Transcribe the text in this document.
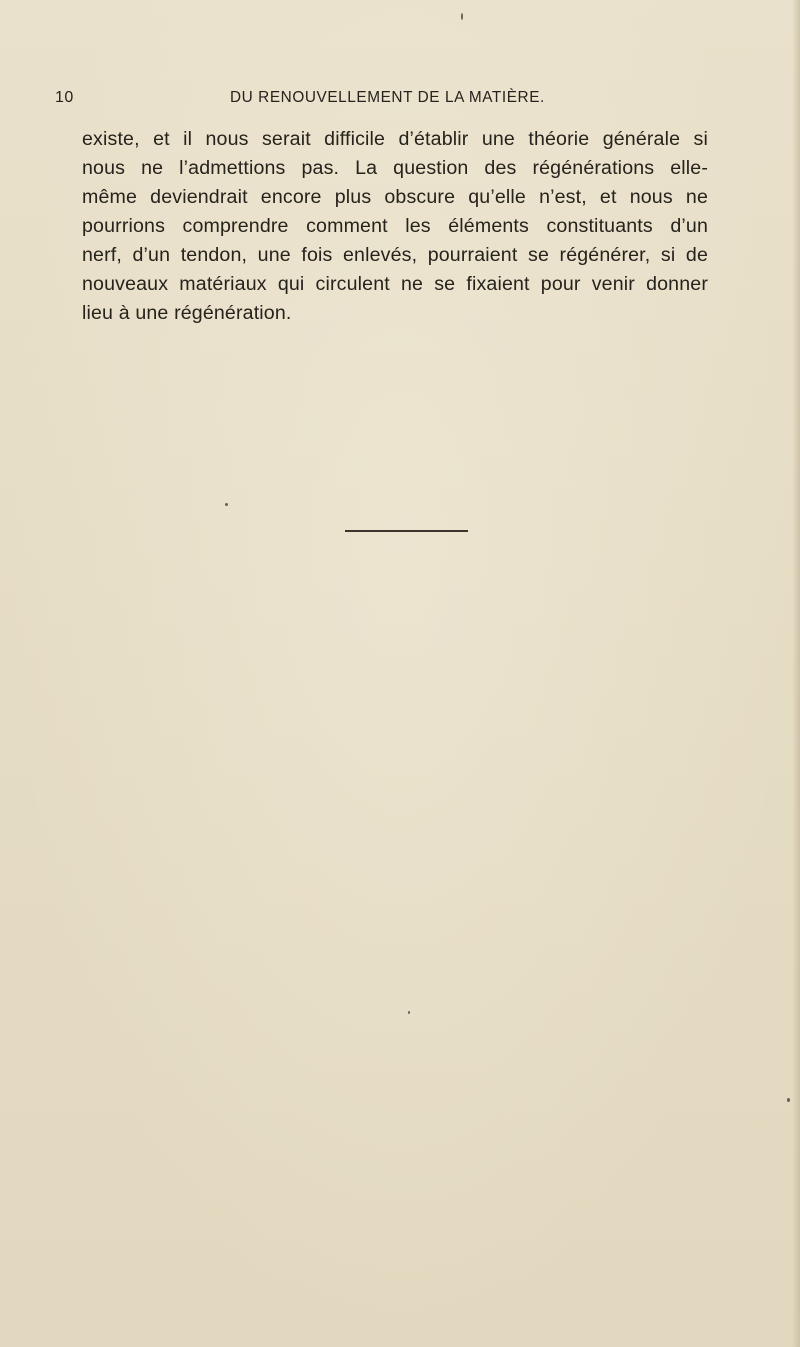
10	DU RENOUVELLEMENT DE LA MATIÈRE.
existe, et il nous serait difficile d’établir une théorie générale si
nous ne l’admettions pas. La question des régénérations elle-
même deviendrait encore plus obscure qu’elle n’est, et nous ne
pourrions comprendre comment les éléments constituants d’un
nerf, d’un tendon, une fois enlevés, pourraient se régénérer, si de
nouveaux matériaux qui circulent ne se fixaient pour venir donner
lieu à une régénération.
